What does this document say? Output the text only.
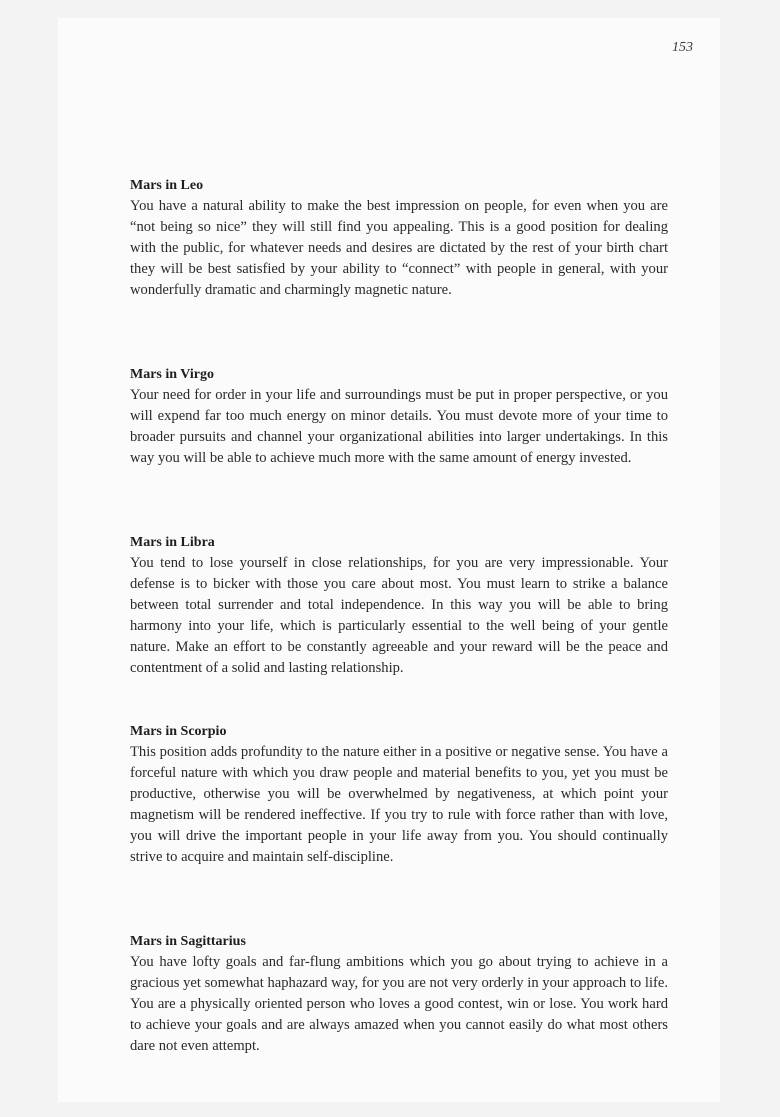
153
Mars in Leo

You have a natural ability to make the best impression on people, for even when you are “not being so nice” they will still find you appealing. This is a good position for dealing with the public, for whatever needs and desires are dictated by the rest of your birth chart they will be best satisfied by your ability to “connect” with people in general, with your wonderfully dramatic and charmingly magnetic nature.

Mars in Virgo

Your need for order in your life and surroundings must be put in proper perspective, or you will expend far too much energy on minor details. You must devote more of your time to broader pursuits and channel your organizational abilities into larger undertakings. In this way you will be able to achieve much more with the same amount of energy invested.

Mars in Libra

You tend to lose yourself in close relationships, for you are very impressionable. Your defense is to bicker with those you care about most. You must learn to strike a balance between total surrender and total independence. In this way you will be able to bring harmony into your life, which is particularly essential to the well being of your gentle nature. Make an effort to be constantly agreeable and your reward will be the peace and contentment of a solid and lasting relationship.

Mars in Scorpio

This position adds profundity to the nature either in a positive or negative sense. You have a forceful nature with which you draw people and material benefits to you, yet you must be productive, otherwise you will be overwhelmed by negativeness, at which point your magnetism will be rendered ineffective. If you try to rule with force rather than with love, you will drive the important people in your life away from you. You should continually strive to acquire and maintain self-discipline.

Mars in Sagittarius

You have lofty goals and far-flung ambitions which you go about trying to achieve in a gracious yet somewhat haphazard way, for you are not very orderly in your approach to life. You are a physically oriented person who loves a good contest, win or lose. You work hard to achieve your goals and are always amazed when you cannot easily do what most others dare not even attempt.
